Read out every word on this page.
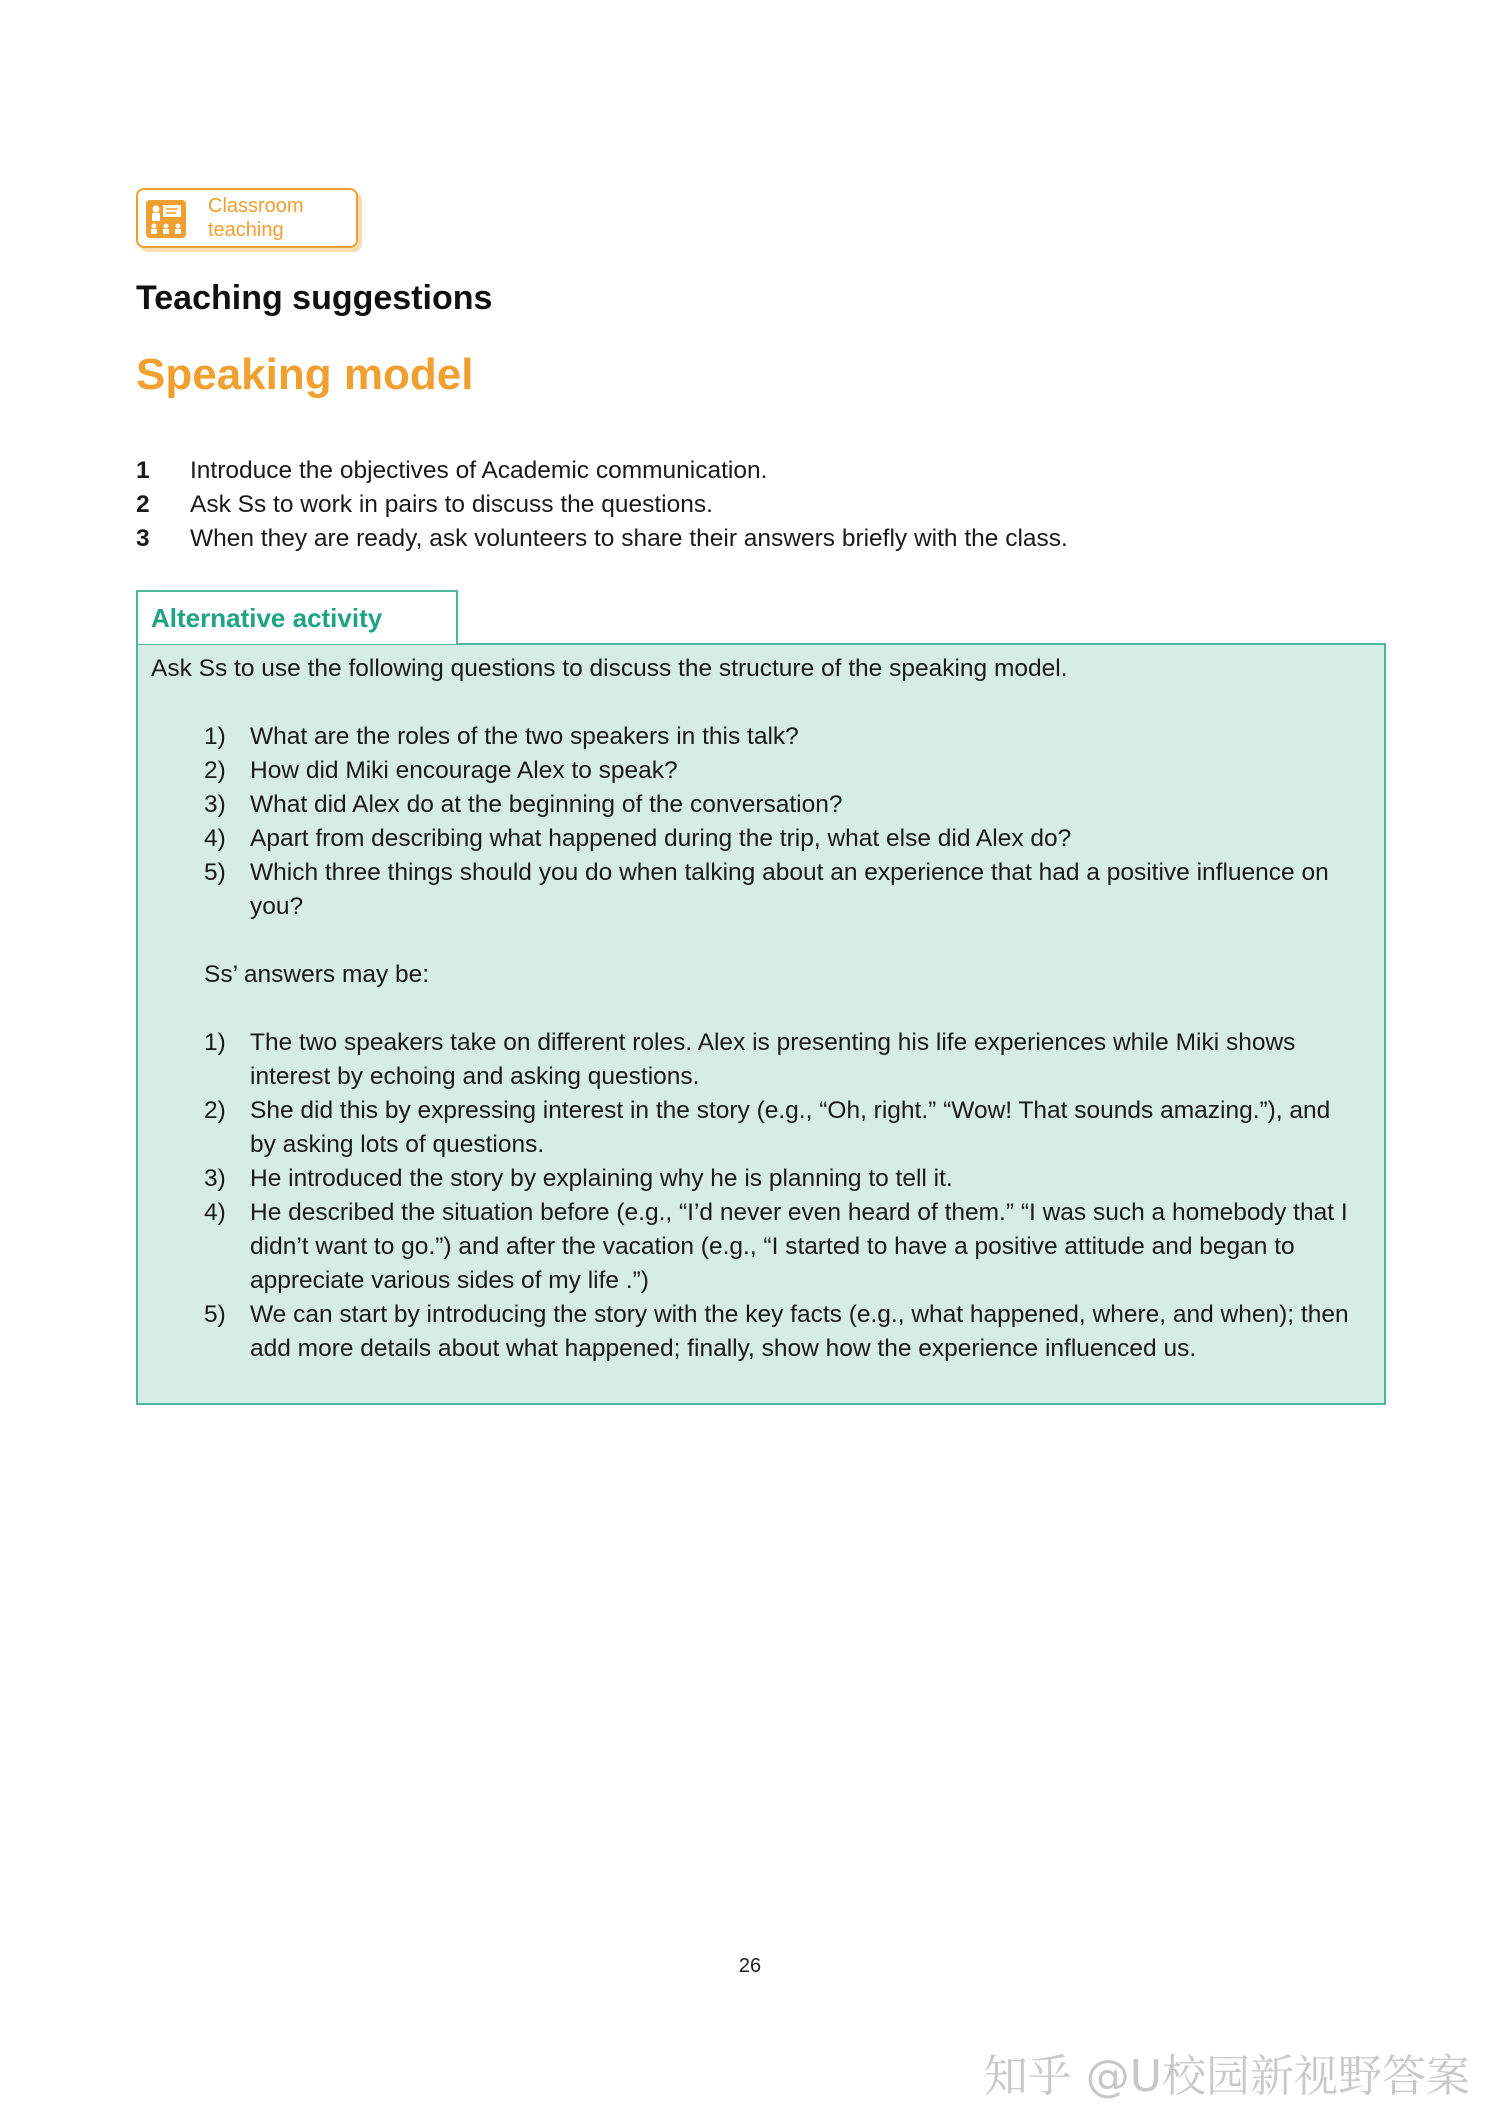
Classroom
teaching
Teaching suggestions
Speaking model
1	Introduce the objectives of Academic communication.
2	Ask Ss to work in pairs to discuss the questions.
3	When they are ready, ask volunteers to share their answers briefly with the class.
Alternative activity

Ask Ss to use the following questions to discuss the structure of the speaking model.

1) What are the roles of the two speakers in this talk?
2) How did Miki encourage Alex to speak?
3) What did Alex do at the beginning of the conversation?
4) Apart from describing what happened during the trip, what else did Alex do?
5) Which three things should you do when talking about an experience that had a positive influence on you?

Ss’ answers may be:

1) The two speakers take on different roles. Alex is presenting his life experiences while Miki shows interest by echoing and asking questions.
2) She did this by expressing interest in the story (e.g., “Oh, right.” “Wow! That sounds amazing.”), and by asking lots of questions.
3) He introduced the story by explaining why he is planning to tell it.
4) He described the situation before (e.g., “I’d never even heard of them.” “I was such a homebody that I didn’t want to go.”) and after the vacation (e.g., “I started to have a positive attitude and began to appreciate various sides of my life .”)
5) We can start by introducing the story with the key facts (e.g., what happened, where, and when); then add more details about what happened; finally, show how the experience influenced us.
26
知乎 @U校园新视野答案
